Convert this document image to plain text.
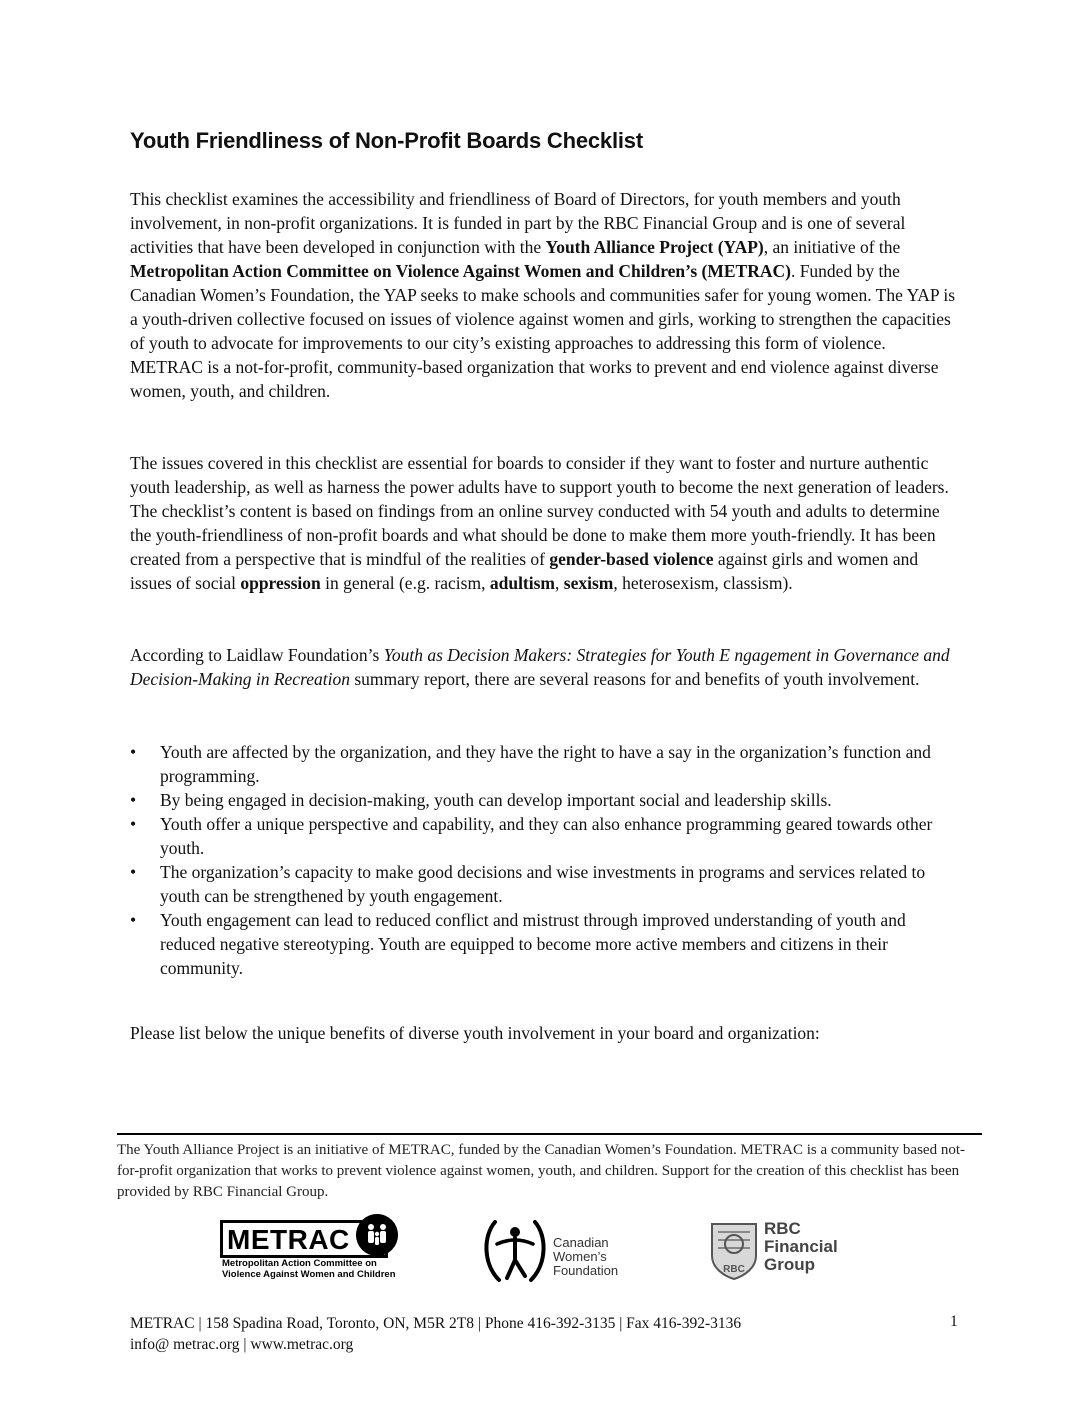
Youth Friendliness of Non-Profit Boards Checklist

This checklist examines the accessibility and friendliness of Board of Directors, for youth members and youth involvement, in non-profit organizations. It is funded in part by the RBC Financial Group and is one of several activities that have been developed in conjunction with the Youth Alliance Project (YAP), an initiative of the Metropolitan Action Committee on Violence Against Women and Children’s (METRAC). Funded by the Canadian Women’s Foundation, the YAP seeks to make schools and communities safer for young women. The YAP is a youth-driven collective focused on issues of violence against women and girls, working to strengthen the capacities of youth to advocate for improvements to our city’s existing approaches to addressing this form of violence. METRAC is a not-for-profit, community-based organization that works to prevent and end violence against diverse women, youth, and children.

The issues covered in this checklist are essential for boards to consider if they want to foster and nurture authentic youth leadership, as well as harness the power adults have to support youth to become the next generation of leaders. The checklist’s content is based on findings from an online survey conducted with 54 youth and adults to determine the youth-friendliness of non-profit boards and what should be done to make them more youth-friendly. It has been created from a perspective that is mindful of the realities of gender-based violence against girls and women and issues of social oppression in general (e.g. racism, adultism, sexism, heterosexism, classism).

According to Laidlaw Foundation’s Youth as Decision Makers: Strategies for Youth E ngagement in Governance and Decision-Making in Recreation summary report, there are several reasons for and benefits of youth involvement.

• Youth are affected by the organization, and they have the right to have a say in the organization’s function and programming.
• By being engaged in decision-making, youth can develop important social and leadership skills.
• Youth offer a unique perspective and capability, and they can also enhance programming geared towards other youth.
• The organization’s capacity to make good decisions and wise investments in programs and services related to youth can be strengthened by youth engagement.
• Youth engagement can lead to reduced conflict and mistrust through improved understanding of youth and reduced negative stereotyping. Youth are equipped to become more active members and citizens in their community.

Please list below the unique benefits of diverse youth involvement in your board and organization:

The Youth Alliance Project is an initiative of METRAC, funded by the Canadian Women’s Foundation. METRAC is a community based not-for-profit organization that works to prevent violence against women, youth, and children. Support for the creation of this checklist has been provided by RBC Financial Group.

METRAC
Metropolitan Action Committee on
Violence Against Women and Children
Canadian
Women’s
Foundation	RBC
RBC
Financial
Group
METRAC | 158 Spadina Road, Toronto, ON, M5R 2T8 | Phone 416-392-3135 | Fax 416-392-3136
info@ metrac.org | www.metrac.org
1
